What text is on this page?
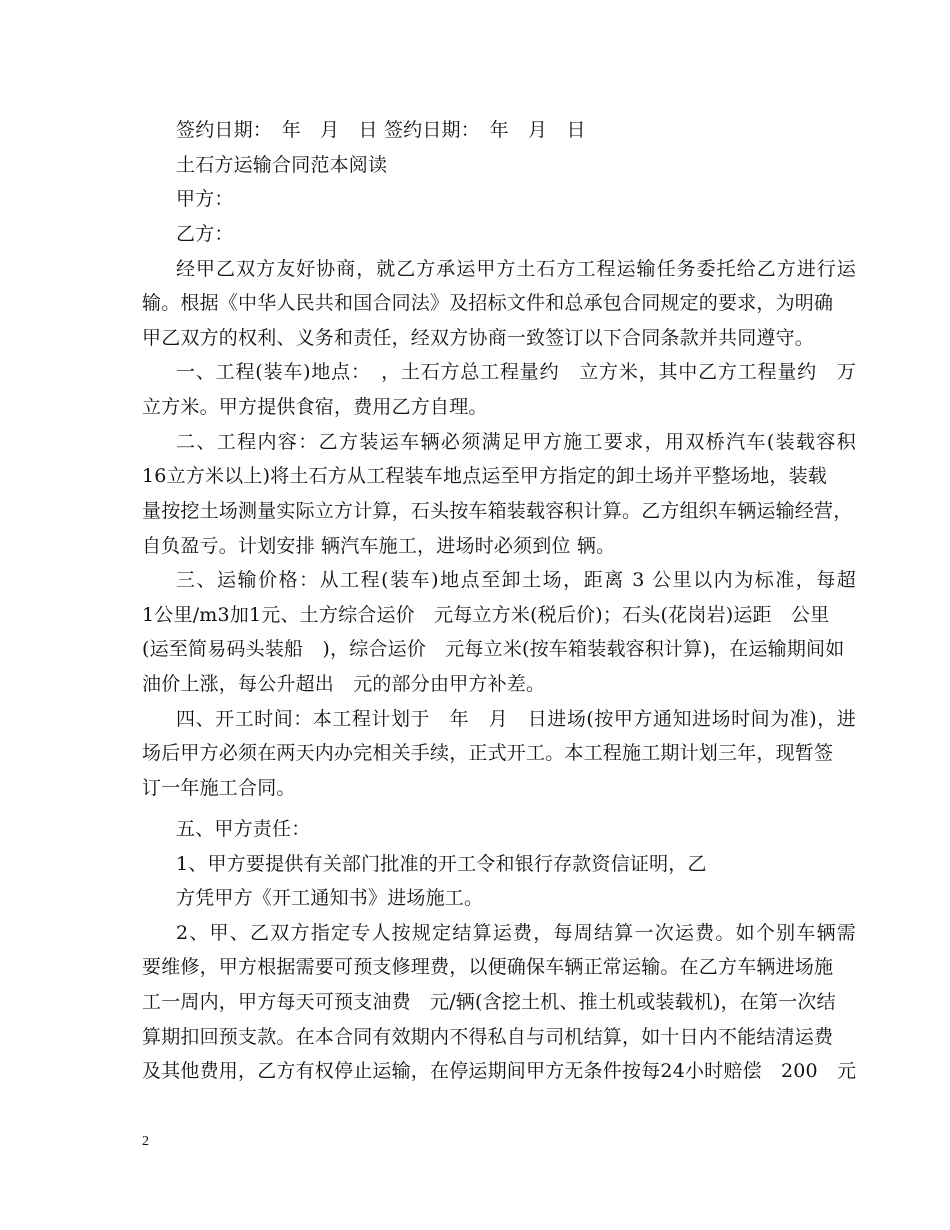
签约日期：　年　月　日 签约日期：　年　月　日
土石方运输合同范本阅读
甲方：
乙方：
经甲乙双方友好协商，就乙方承运甲方土石方工程运输任务委托给乙方进行运
输。根据《中华人民共和国合同法》及招标文件和总承包合同规定的要求，为明确
甲乙双方的权利、义务和责任，经双方协商一致签订以下合同条款并共同遵守。
一、工程(装车)地点：　，土石方总工程量约　立方米，其中乙方工程量约　万
立方米。甲方提供食宿，费用乙方自理。
二、工程内容：乙方装运车辆必须满足甲方施工要求，用双桥汽车(装载容积
16立方米以上)将土石方从工程装车地点运至甲方指定的卸土场并平整场地，装载
量按挖土场测量实际立方计算，石头按车箱装载容积计算。乙方组织车辆运输经营，
自负盈亏。计划安排 辆汽车施工，进场时必须到位 辆。
三、运输价格：从工程(装车)地点至卸土场，距离 3 公里以内为标准，每超
1公里/m3加1元、土方综合运价　元每立方米(税后价)；石头(花岗岩)运距　公里
(运至简易码头装船　)，综合运价　元每立米(按车箱装载容积计算)，在运输期间如
油价上涨，每公升超出　元的部分由甲方补差。
四、开工时间：本工程计划于　年　月　日进场(按甲方通知进场时间为准)，进
场后甲方必须在两天内办完相关手续，正式开工。本工程施工期计划三年，现暂签
订一年施工合同。
五、甲方责任：
1、甲方要提供有关部门批准的开工令和银行存款资信证明，乙
方凭甲方《开工通知书》进场施工。
2、甲、乙双方指定专人按规定结算运费，每周结算一次运费。如个别车辆需
要维修，甲方根据需要可预支修理费，以便确保车辆正常运输。在乙方车辆进场施
工一周内，甲方每天可预支油费　元/辆(含挖土机、推土机或装载机)，在第一次结
算期扣回预支款。在本合同有效期内不得私自与司机结算，如十日内不能结清运费
及其他费用，乙方有权停止运输，在停运期间甲方无条件按每24小时赔偿　200　元
2
